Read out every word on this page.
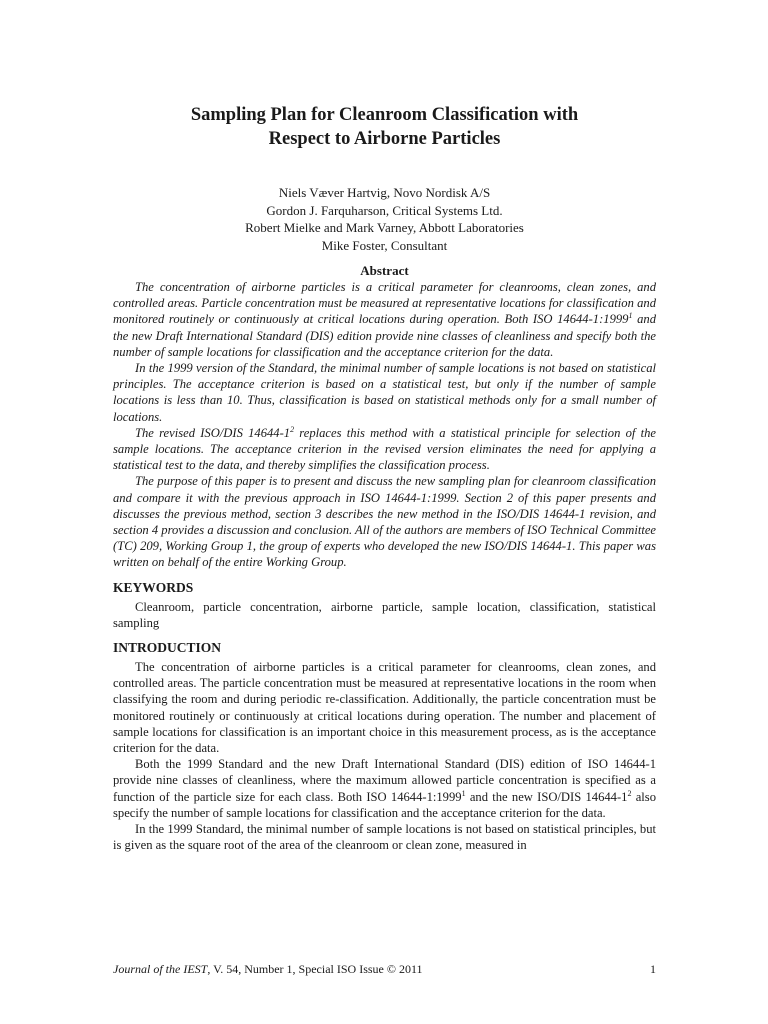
Sampling Plan for Cleanroom Classification with
Respect to Airborne Particles
Niels Væver Hartvig, Novo Nordisk A/S
Gordon J. Farquharson, Critical Systems Ltd.
Robert Mielke and Mark Varney, Abbott Laboratories
Mike Foster, Consultant
Abstract

The concentration of airborne particles is a critical parameter for cleanrooms, clean zones, and controlled areas. Particle concentration must be measured at representative locations for classification and monitored routinely or continuously at critical locations during operation. Both ISO 14644-1:1999$^1$ and the new Draft International Standard (DIS) edition provide nine classes of cleanliness and specify both the number of sample locations for classification and the acceptance criterion for the data.

In the 1999 version of the Standard, the minimal number of sample locations is not based on statistical principles. The acceptance criterion is based on a statistical test, but only if the number of sample locations is less than 10. Thus, classification is based on statistical methods only for a small number of locations.

The revised ISO/DIS $14644-1^2$ replaces this method with a statistical principle for selection of the sample locations. The acceptance criterion in the revised version eliminates the need for applying a statistical test to the data, and thereby simplifies the classification process.

The purpose of this paper is to present and discuss the new sampling plan for cleanroom classification and compare it with the previous approach in ISO 14644-1:1999. Section 2 of this paper presents and discusses the previous method, section 3 describes the new method in the ISO/DIS 14644-1 revision, and section 4 provides a discussion and conclusion. All of the authors are members of ISO Technical Committee (TC) 209, Working Group 1, the group of experts who developed the new ISO/DIS 14644-1. This paper was written on behalf of the entire Working Group.

KEYWORDS

Cleanroom, particle concentration, airborne particle, sample location, classification, statistical sampling

INTRODUCTION

The concentration of airborne particles is a critical parameter for cleanrooms, clean zones, and controlled areas. The particle concentration must be measured at representative locations in the room when classifying the room and during periodic re-classification. Additionally, the particle concentration must be monitored routinely or continuously at critical locations during operation. The number and placement of sample locations for classification is an important choice in this measurement process, as is the acceptance criterion for the data.

Both the 1999 Standard and the new Draft International Standard (DIS) edition of ISO 14644-1 provide nine classes of cleanliness, where the maximum allowed particle concentration is specified as a function of the particle size for each class. Both ISO 14644-1:1999$^1$ and the new ISO/DIS $14644-1^2$ also specify the number of sample locations for classification and the acceptance criterion for the data.

In the 1999 Standard, the minimal number of sample locations is not based on statistical principles, but is given as the square root of the area of the cleanroom or clean zone, measured in

Journal of the IEST, V. 54, Number 1, Special ISO Issue © 2011	1
